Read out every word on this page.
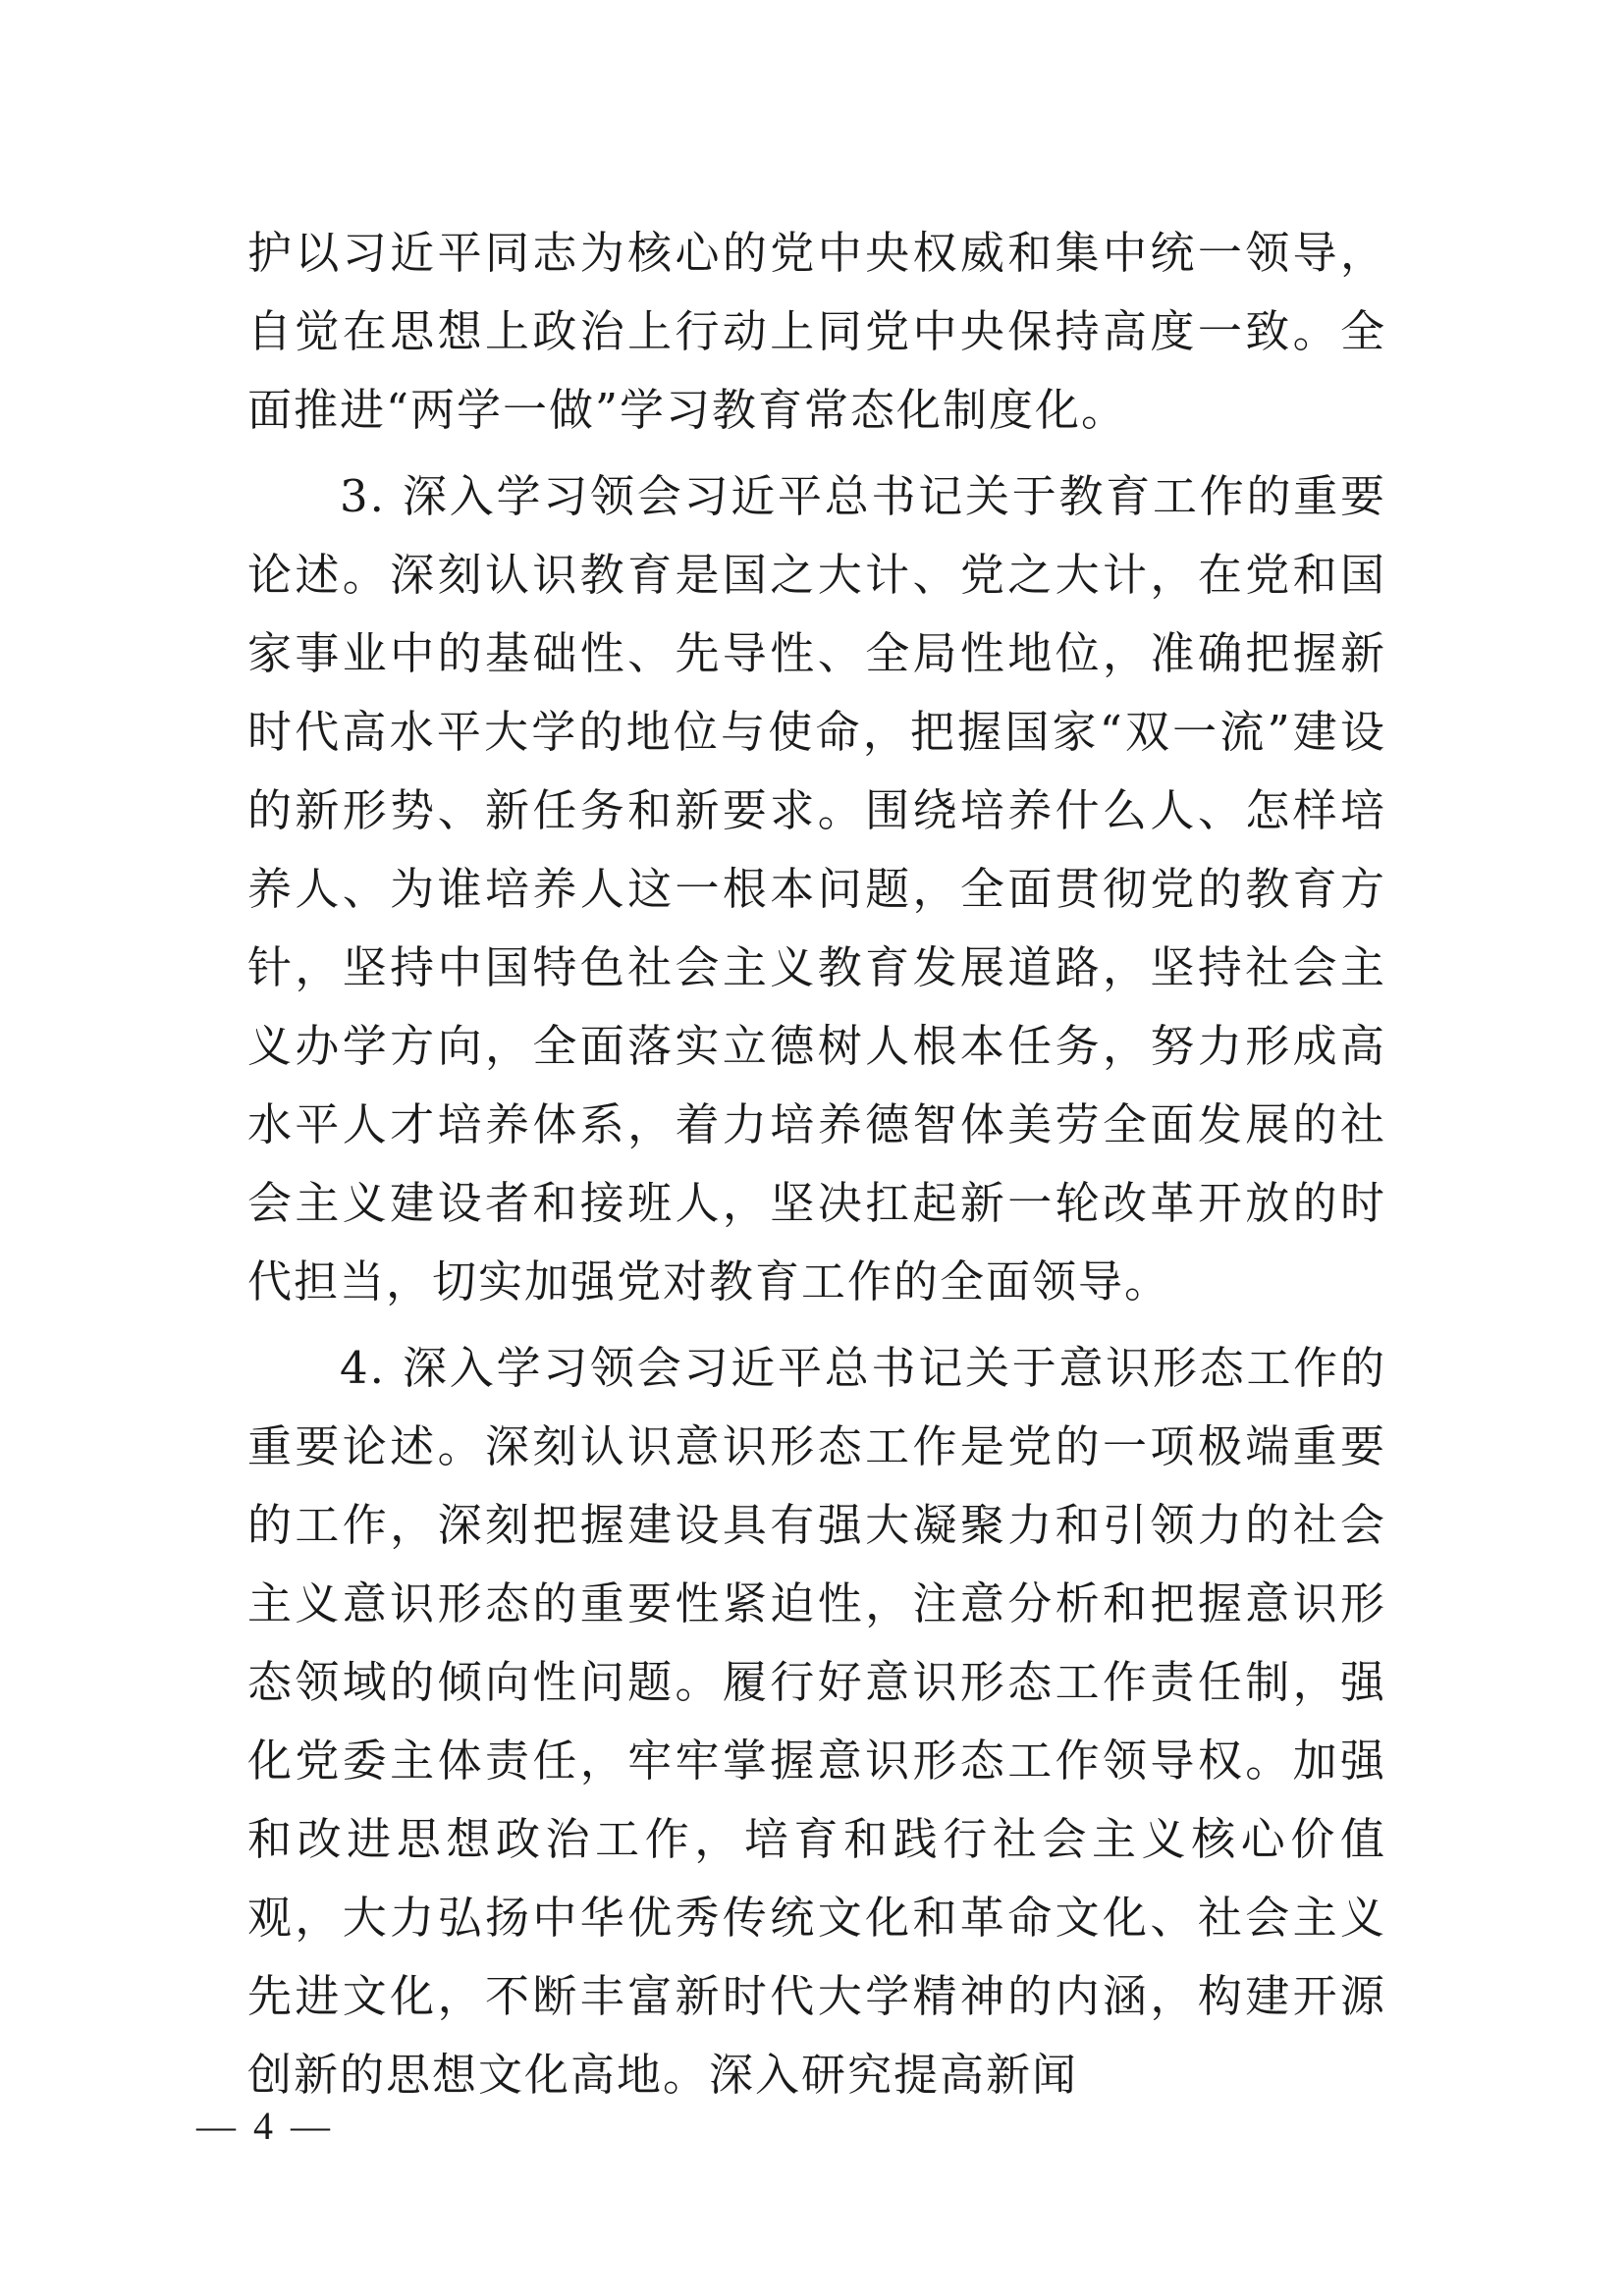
护以习近平同志为核心的党中央权威和集中统一领导，自觉在思想上政治上行动上同党中央保持高度一致。全面推进“两学一做”学习教育常态化制度化。

3. 深入学习领会习近平总书记关于教育工作的重要论述。深刻认识教育是国之大计、党之大计，在党和国家事业中的基础性、先导性、全局性地位，准确把握新时代高水平大学的地位与使命，把握国家“双一流”建设的新形势、新任务和新要求。围绕培养什么人、怎样培养人、为谁培养人这一根本问题，全面贯彻党的教育方针，坚持中国特色社会主义教育发展道路，坚持社会主义办学方向，全面落实立德树人根本任务，努力形成高水平人才培养体系，着力培养德智体美劳全面发展的社会主义建设者和接班人，坚决扛起新一轮改革开放的时代担当，切实加强党对教育工作的全面领导。

4. 深入学习领会习近平总书记关于意识形态工作的重要论述。深刻认识意识形态工作是党的一项极端重要的工作，深刻把握建设具有强大凝聚力和引领力的社会主义意识形态的重要性紧迫性，注意分析和把握意识形态领域的倾向性问题。履行好意识形态工作责任制，强化党委主体责任，牢牢掌握意识形态工作领导权。加强和改进思想政治工作，培育和践行社会主义核心价值观，大力弘扬中华优秀传统文化和革命文化、社会主义先进文化，不断丰富新时代大学精神的内涵，构建开源创新的思想文化高地。深入研究提高新闻

— 4 —
